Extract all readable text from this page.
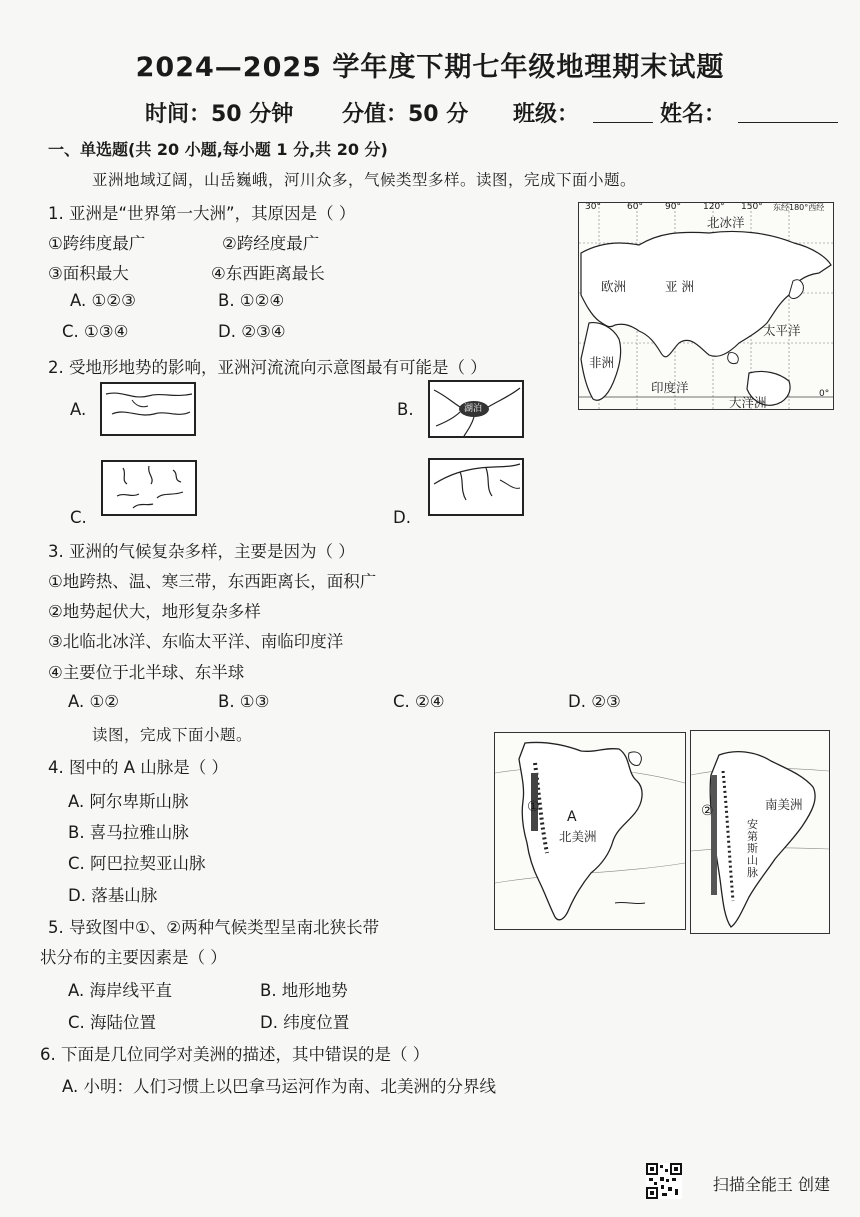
2024—2025 学年度下期七年级地理期末试题
时间：50 分钟 分值：50 分 班级：	姓名：
一、单选题(共 20 小题,每小题 1 分,共 20 分)
亚洲地域辽阔，山岳巍峨，河川众多，气候类型多样。读图，完成下面小题。
1. 亚洲是“世界第一大洲”，其原因是（ ）
①跨纬度最广	②跨经度最广
③面积最大	④东西距离最长
A. ①②③	B. ①②④
C. ①③④	D. ②③④
30°	60° 90° 120° 150° 东经180°西经
北冰洋
欧洲	亚 洲
太平洋
非洲
印度洋
大洋洲
0°
2. 受地形地势的影响，亚洲河流流向示意图最有可能是（ ）
A.	B.	湖泊
C.	D.
3. 亚洲的气候复杂多样，主要是因为（ ）
①地跨热、温、寒三带，东西距离长，面积广
②地势起伏大，地形复杂多样
③北临北冰洋、东临太平洋、南临印度洋
④主要位于北半球、东半球
A. ①②	B. ①③	C. ②④	D. ②③
读图，完成下面小题。
①
A
北美洲
②	南美洲
安第斯山脉
4. 图中的 A 山脉是（ ）
A. 阿尔卑斯山脉
B. 喜马拉雅山脉
C. 阿巴拉契亚山脉
D. 落基山脉
5. 导致图中①、②两种气候类型呈南北狭长带
状分布的主要因素是（ ）
A. 海岸线平直	B. 地形地势
C. 海陆位置	D. 纬度位置
6. 下面是几位同学对美洲的描述，其中错误的是（ ）
A. 小明：人们习惯上以巴拿马运河作为南、北美洲的分界线
扫描全能王 创建
